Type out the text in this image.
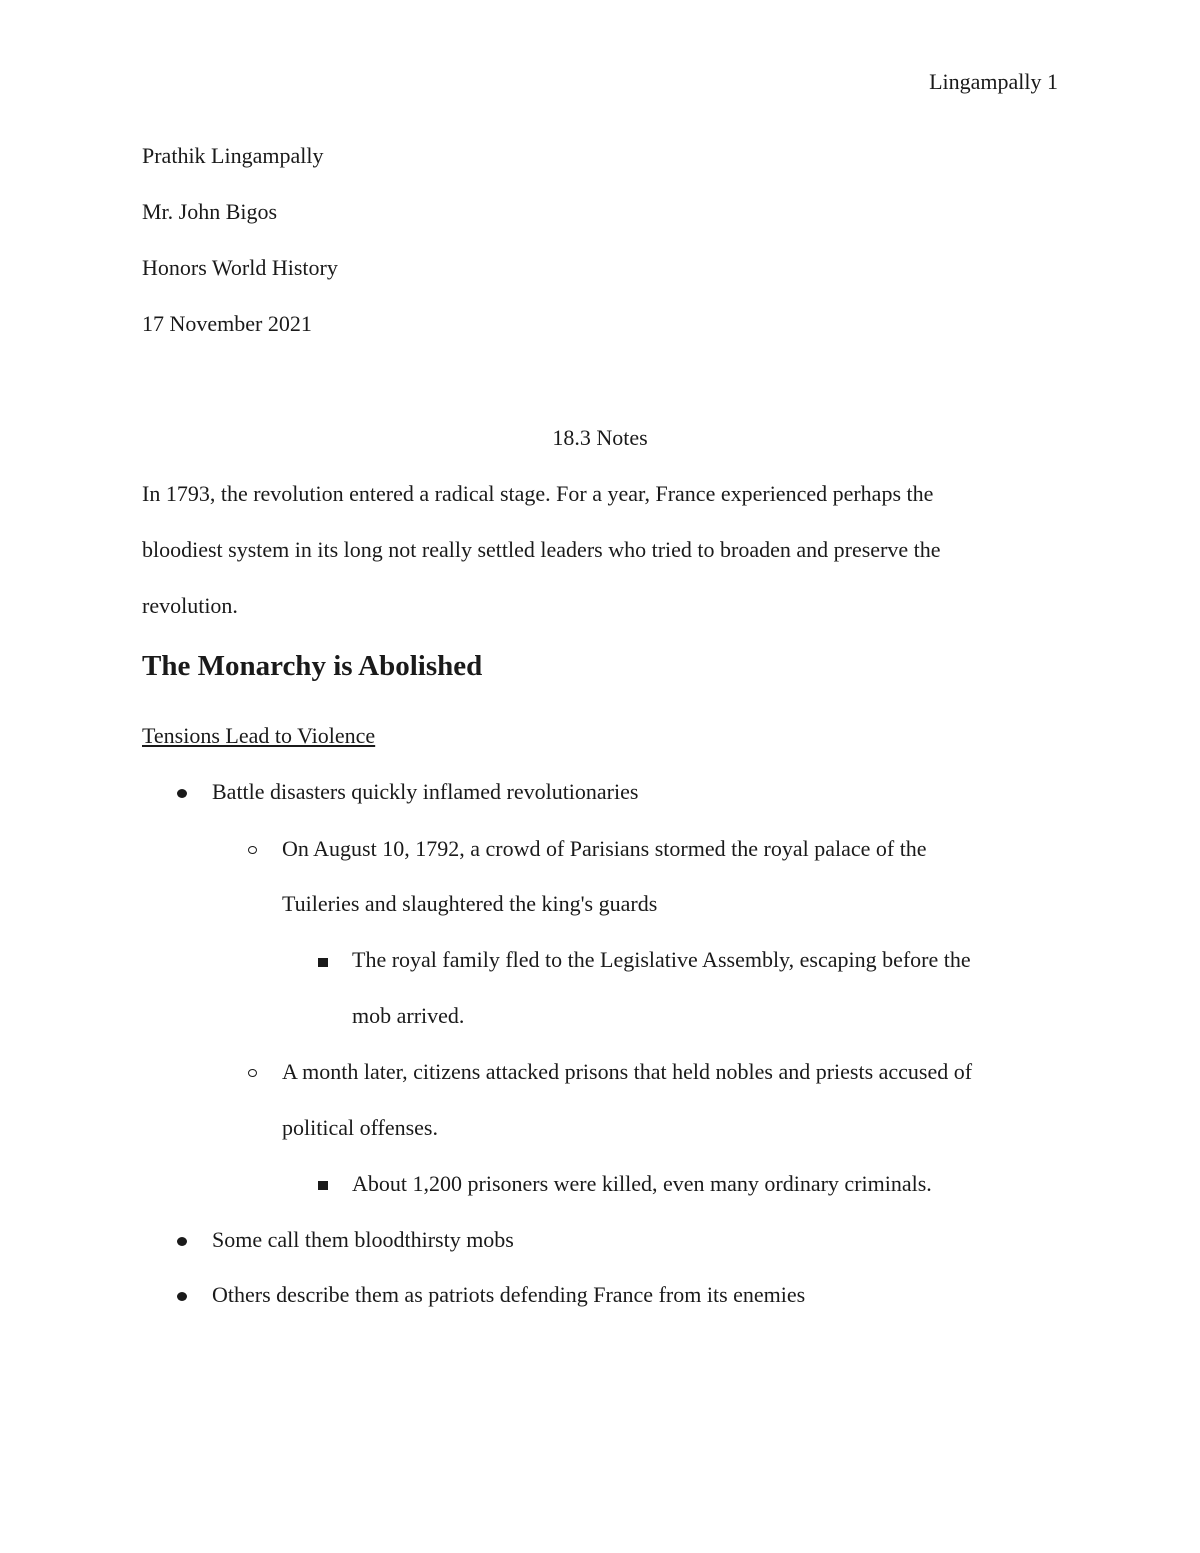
Lingampally 1
Prathik Lingampally
Mr. John Bigos
Honors World History
17 November 2021
18.3 Notes
In 1793, the revolution entered a radical stage. For a year, France experienced perhaps the
bloodiest system in its long not really settled leaders who tried to broaden and preserve the
revolution.
The Monarchy is Abolished
Tensions Lead to Violence
Battle disasters quickly inflamed revolutionaries
On August 10, 1792, a crowd of Parisians stormed the royal palace of the
Tuileries and slaughtered the king's guards
The royal family fled to the Legislative Assembly, escaping before the
mob arrived.
A month later, citizens attacked prisons that held nobles and priests accused of
political offenses.
About 1,200 prisoners were killed, even many ordinary criminals.
Some call them bloodthirsty mobs
Others describe them as patriots defending France from its enemies
